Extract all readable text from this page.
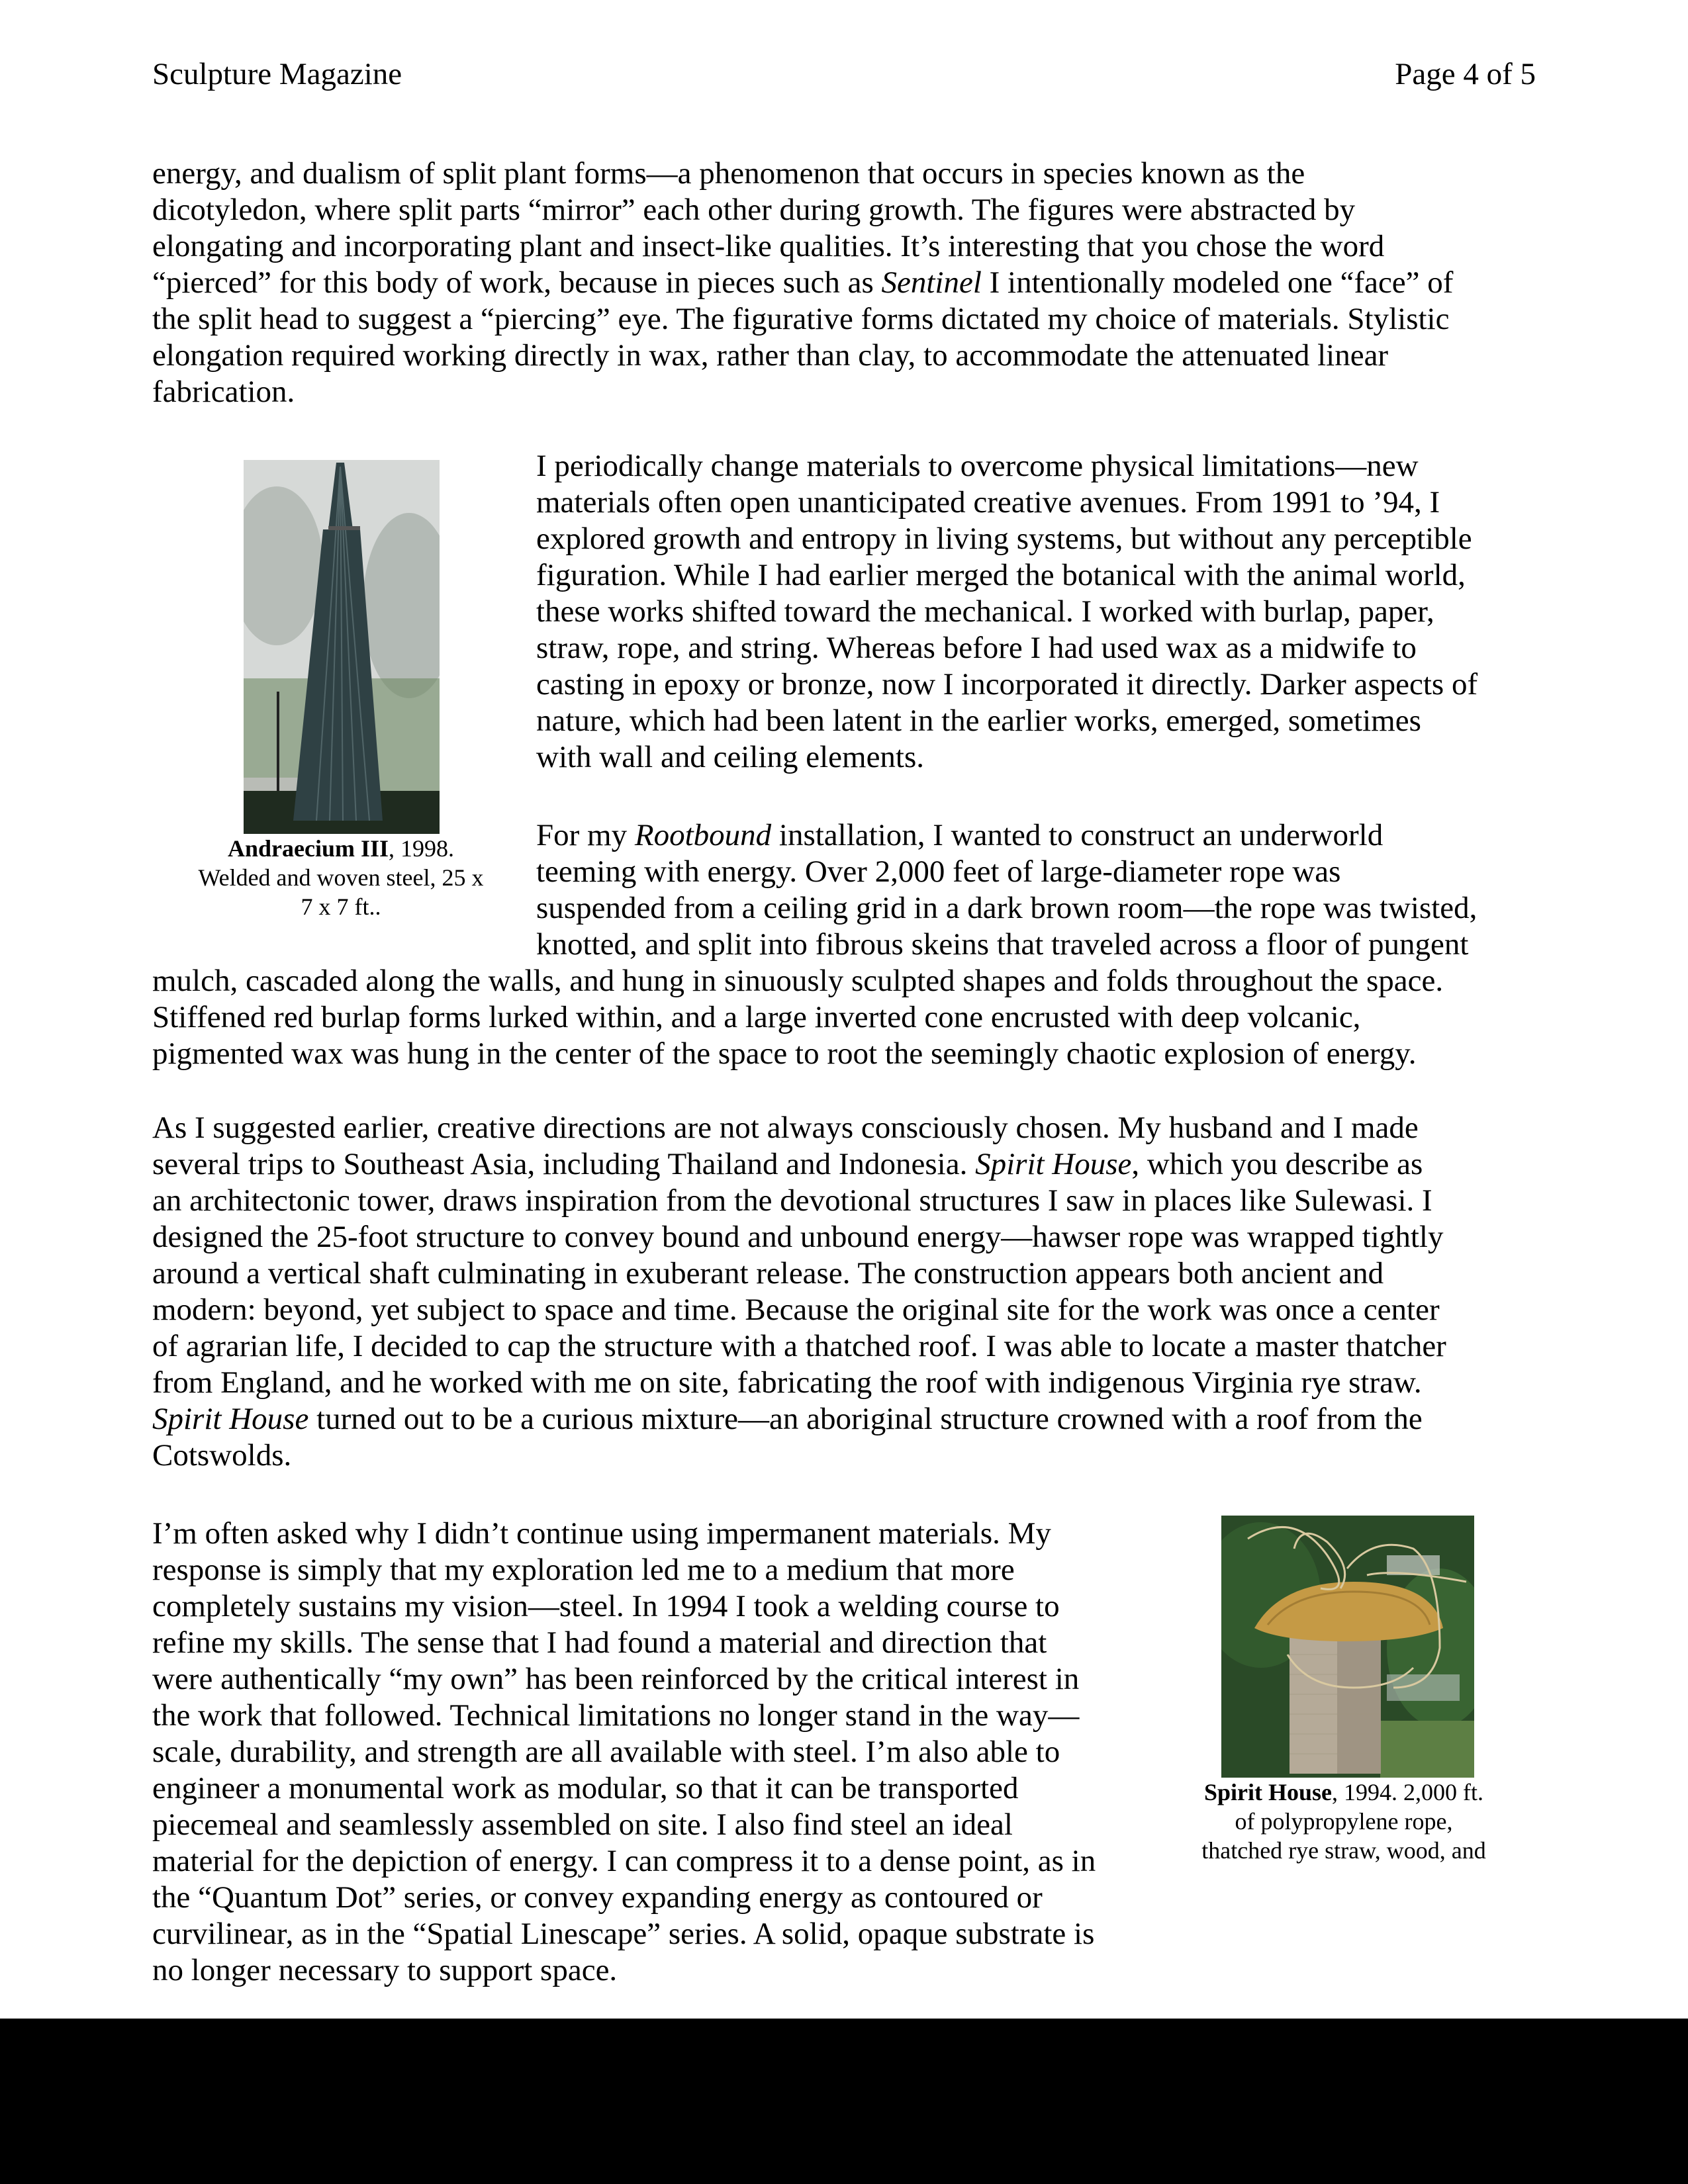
Sculpture Magazine	Page 4 of 5
energy, and dualism of split plant forms—a phenomenon that occurs in species known as the
dicotyledon, where split parts “mirror” each other during growth. The figures were abstracted by
elongating and incorporating plant and insect-like qualities. It’s interesting that you chose the word
“pierced” for this body of work, because in pieces such as Sentinel I intentionally modeled one “face” of
the split head to suggest a “piercing” eye. The figurative forms dictated my choice of materials. Stylistic
elongation required working directly in wax, rather than clay, to accommodate the attenuated linear
fabrication.
Andraecium III, 1998.
Welded and woven steel, 25 x
7 x 7 ft..
I periodically change materials to overcome physical limitations—new
materials often open unanticipated creative avenues. From 1991 to ’94, I
explored growth and entropy in living systems, but without any perceptible
figuration. While I had earlier merged the botanical with the animal world,
these works shifted toward the mechanical. I worked with burlap, paper,
straw, rope, and string. Whereas before I had used wax as a midwife to
casting in epoxy or bronze, now I incorporated it directly. Darker aspects of
nature, which had been latent in the earlier works, emerged, sometimes
with wall and ceiling elements.
For my Rootbound installation, I wanted to construct an underworld
teeming with energy. Over 2,000 feet of large-diameter rope was
suspended from a ceiling grid in a dark brown room—the rope was twisted,
knotted, and split into fibrous skeins that traveled across a floor of pungent
mulch, cascaded along the walls, and hung in sinuously sculpted shapes and folds throughout the space.
Stiffened red burlap forms lurked within, and a large inverted cone encrusted with deep volcanic,
pigmented wax was hung in the center of the space to root the seemingly chaotic explosion of energy.
As I suggested earlier, creative directions are not always consciously chosen. My husband and I made
several trips to Southeast Asia, including Thailand and Indonesia. Spirit House, which you describe as
an architectonic tower, draws inspiration from the devotional structures I saw in places like Sulewasi. I
designed the 25-foot structure to convey bound and unbound energy—hawser rope was wrapped tightly
around a vertical shaft culminating in exuberant release. The construction appears both ancient and
modern: beyond, yet subject to space and time. Because the original site for the work was once a center
of agrarian life, I decided to cap the structure with a thatched roof. I was able to locate a master thatcher
from England, and he worked with me on site, fabricating the roof with indigenous Virginia rye straw.
Spirit House turned out to be a curious mixture—an aboriginal structure crowned with a roof from the
Cotswolds.
I’m often asked why I didn’t continue using impermanent materials. My
response is simply that my exploration led me to a medium that more
completely sustains my vision—steel. In 1994 I took a welding course to
refine my skills. The sense that I had found a material and direction that
were authentically “my own” has been reinforced by the critical interest in
the work that followed. Technical limitations no longer stand in the way—
scale, durability, and strength are all available with steel. I’m also able to
engineer a monumental work as modular, so that it can be transported
piecemeal and seamlessly assembled on site. I also find steel an ideal
material for the depiction of energy. I can compress it to a dense point, as in
the “Quantum Dot” series, or convey expanding energy as contoured or
curvilinear, as in the “Spatial Linescape” series. A solid, opaque substrate is
no longer necessary to support space.
Spirit House, 1994. 2,000 ft.
of polypropylene rope,
thatched rye straw, wood, and
